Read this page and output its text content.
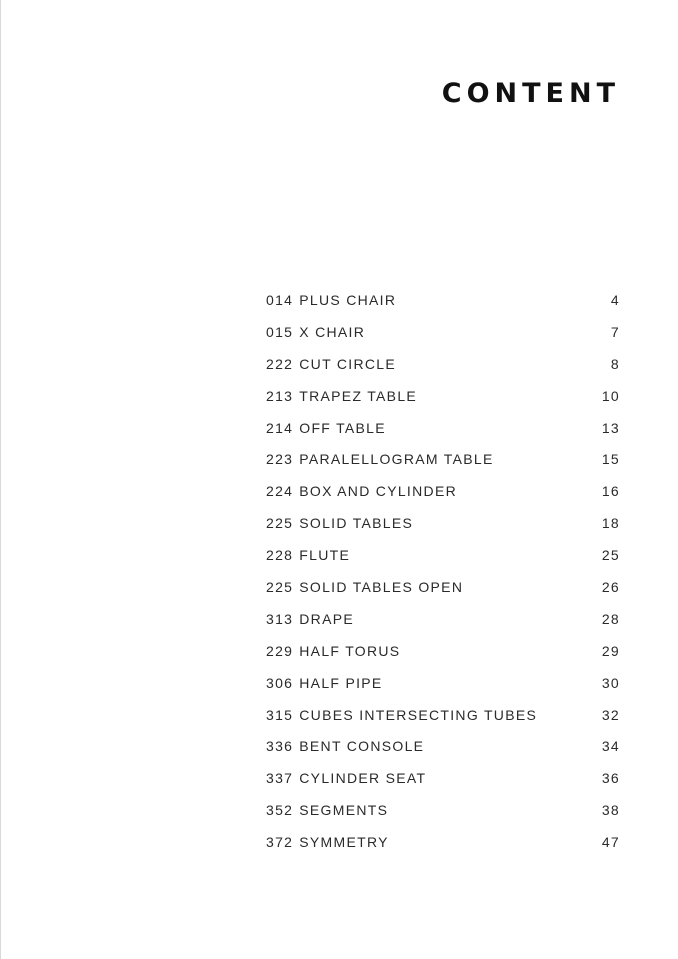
CONTENT
014 PLUS CHAIR	4
015 X CHAIR	7
222 CUT CIRCLE	8
213 TRAPEZ TABLE	10
214 OFF TABLE	13
223 PARALELLOGRAM TABLE	15
224 BOX AND CYLINDER	16
225 SOLID TABLES	18
228 FLUTE	25
225 SOLID TABLES OPEN	26
313 DRAPE	28
229 HALF TORUS	29
306 HALF PIPE	30
315 CUBES INTERSECTING TUBES	32
336 BENT CONSOLE	34
337 CYLINDER SEAT	36
352 SEGMENTS	38
372 SYMMETRY	47
